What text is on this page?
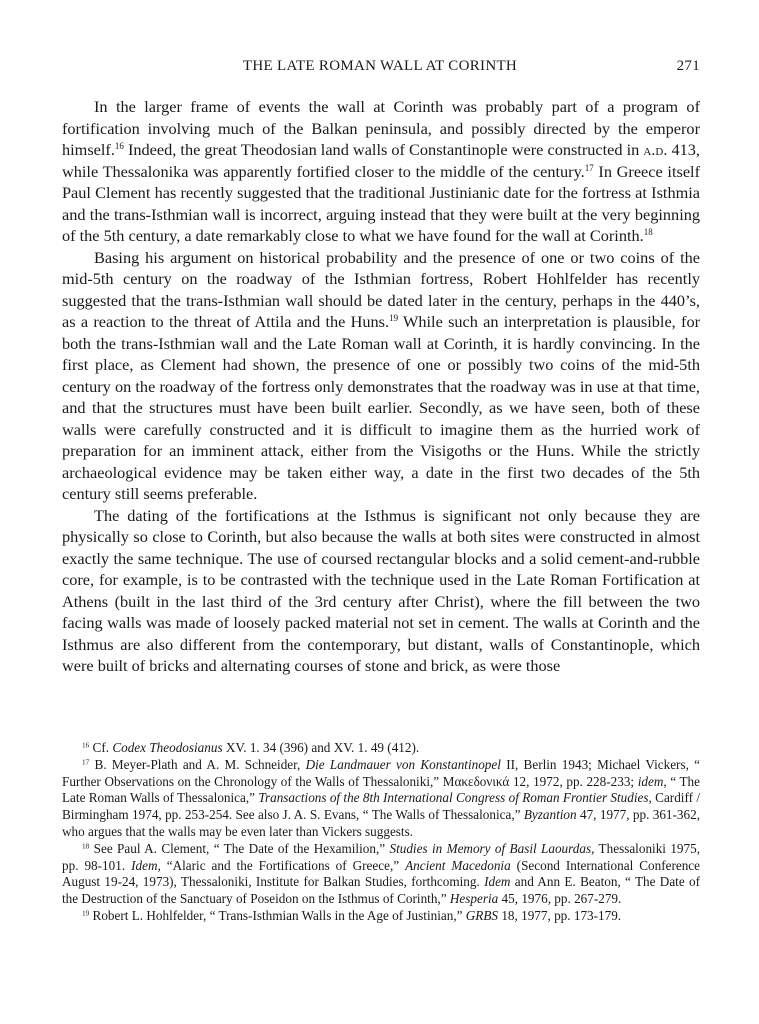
THE LATE ROMAN WALL AT CORINTH	271

In the larger frame of events the wall at Corinth was probably part of a program of fortification involving much of the Balkan peninsula, and possibly directed by the emperor himself.$^{16}$ Indeed, the great Theodosian land walls of Constantinople were constructed in a.d. 413, while Thessalonika was apparently fortified closer to the middle of the century.$^{17}$ In Greece itself Paul Clement has recently suggested that the traditional Justinianic date for the fortress at Isthmia and the trans-Isthmian wall is incorrect, arguing instead that they were built at the very beginning of the 5th century, a date remarkably close to what we have found for the wall at Corinth.$^{18}$

Basing his argument on historical probability and the presence of one or two coins of the mid-5th century on the roadway of the Isthmian fortress, Robert Hohlfelder has recently suggested that the trans-Isthmian wall should be dated later in the century, perhaps in the 440’s, as a reaction to the threat of Attila and the Huns.$^{19}$ While such an interpretation is plausible, for both the trans-Isthmian wall and the Late Roman wall at Corinth, it is hardly convincing. In the first place, as Clement had shown, the presence of one or possibly two coins of the mid-5th century on the roadway of the fortress only demonstrates that the roadway was in use at that time, and that the structures must have been built earlier. Secondly, as we have seen, both of these walls were carefully constructed and it is difficult to imagine them as the hurried work of preparation for an imminent attack, either from the Visigoths or the Huns. While the strictly archaeological evidence may be taken either way, a date in the first two decades of the 5th century still seems preferable.

The dating of the fortifications at the Isthmus is significant not only because they are physically so close to Corinth, but also because the walls at both sites were constructed in almost exactly the same technique. The use of coursed rectangular blocks and a solid cement-and-rubble core, for example, is to be contrasted with the technique used in the Late Roman Fortification at Athens (built in the last third of the 3rd century after Christ), where the fill between the two facing walls was made of loosely packed material not set in cement. The walls at Corinth and the Isthmus are also different from the contemporary, but distant, walls of Constantinople, which were built of bricks and alternating courses of stone and brick, as were those

$^{16}$ Cf. Codex Theodosianus XV. 1. 34 (396) and XV. 1. 49 (412).

$^{17}$ B. Meyer-Plath and A. M. Schneider, Die Landmauer von Konstantinopel II, Berlin 1943; Michael Vickers, “ Further Observations on the Chronology of the Walls of Thessaloniki,” Μακεδονικά 12, 1972, pp. 228-233; idem, “ The Late Roman Walls of Thessalonica,” Transactions of the 8th International Congress of Roman Frontier Studies, Cardiff / Birmingham 1974, pp. 253-254. See also J. A. S. Evans, “ The Walls of Thessalonica,” Byzantion 47, 1977, pp. 361-362, who argues that the walls may be even later than Vickers suggests.

$^{18}$ See Paul A. Clement, “ The Date of the Hexamilion,” Studies in Memory of Basil Laourdas, Thessaloniki 1975, pp. 98-101. Idem, “Alaric and the Fortifications of Greece,” Ancient Macedonia (Second International Conference August 19-24, 1973), Thessaloniki, Institute for Balkan Studies, forthcoming. Idem and Ann E. Beaton, “ The Date of the Destruction of the Sanctuary of Poseidon on the Isthmus of Corinth,” Hesperia 45, 1976, pp. 267-279.

$^{19}$ Robert L. Hohlfelder, “ Trans-Isthmian Walls in the Age of Justinian,” GRBS 18, 1977, pp. 173-179.
